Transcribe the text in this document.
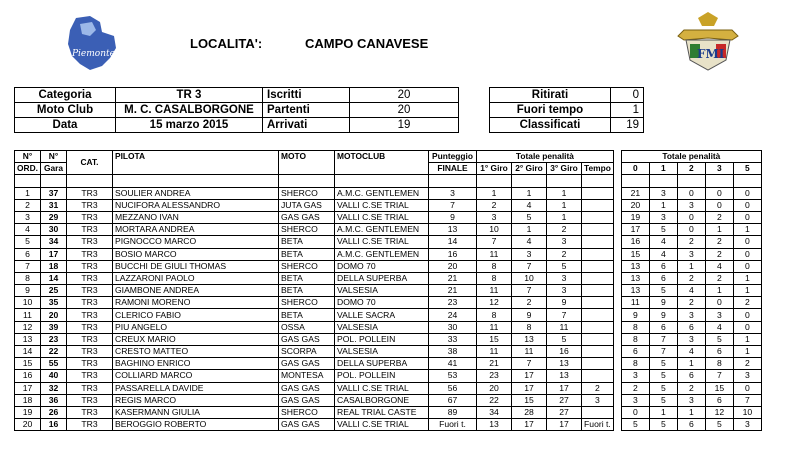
Piemonte	FMI
LOCALITA':	CAMPO CANAVESE
Categoria	TR 3	Iscritti	20
Moto Club	M. C. CASALBORGONE	Partenti	20
Data	15 marzo 2015	Arrivati	19
Ritirati	0
Fuori tempo	1
Classificati	19
N°	N°	CAT.	PILOTA	MOTO	MOTOCLUB	Punteggio	Totale penalità					Totale penalità				
ORD.	Gara					FINALE	1° Giro	2° Giro	3° Giro	Tempo		0	1	2	3	5

1	37	TR3	SOULIER ANDREA	SHERCO	A.M.C. GENTLEMEN	3	1	1	1			21	3	0	0	0
2	31	TR3	NUCIFORA ALESSANDRO	JUTA GAS	VALLI C.SE TRIAL	7	2	4	1			20	1	3	0	0
3	29	TR3	MEZZANO IVAN	GAS GAS	VALLI C.SE TRIAL	9	3	5	1			19	3	0	2	0
4	30	TR3	MORTARA ANDREA	SHERCO	A.M.C. GENTLEMEN	13	10	1	2			17	5	0	1	1
5	34	TR3	PIGNOCCO MARCO	BETA	VALLI C.SE TRIAL	14	7	4	3			16	4	2	2	0
6	17	TR3	BOSIO MARCO	BETA	A.M.C. GENTLEMEN	16	11	3	2			15	4	3	2	0
7	18	TR3	BUCCHI DE GIULI THOMAS	SHERCO	DOMO 70	20	8	7	5			13	6	1	4	0
8	14	TR3	LAZZARONI PAOLO	BETA	DELLA SUPERBA	21	8	10	3			13	6	2	2	1
9	25	TR3	GIAMBONE ANDREA	BETA	VALSESIA	21	11	7	3			13	5	4	1	1
10	35	TR3	RAMONI MORENO	SHERCO	DOMO 70	23	12	2	9			11	9	2	0	2
11	20	TR3	CLERICO FABIO	BETA	VALLE SACRA	24	8	9	7			9	9	3	3	0
12	39	TR3	PIU ANGELO	OSSA	VALSESIA	30	11	8	11			8	6	6	4	0
13	23	TR3	CREUX MARIO	GAS GAS	POL. POLLEIN	33	15	13	5			8	7	3	5	1
14	22	TR3	CRESTO MATTEO	SCORPA	VALSESIA	38	11	11	16			6	7	4	6	1
15	55	TR3	BAGHINO ENRICO	GAS GAS	DELLA SUPERBA	41	21	7	13			8	5	1	8	2
16	40	TR3	COLLIARD MARCO	MONTESA	POL. POLLEIN	53	23	17	13			3	5	6	7	3
17	32	TR3	PASSARELLA DAVIDE	GAS GAS	VALLI C.SE TRIAL	56	20	17	17	2		2	5	2	15	0
18	36	TR3	REGIS MARCO	GAS GAS	CASALBORGONE	67	22	15	27	3		3	5	3	6	7
19	26	TR3	KASERMANN GIULIA	SHERCO	REAL TRIAL CASTE	89	34	28	27			0	1	1	12	10
20	16	TR3	BEROGGIO ROBERTO	GAS GAS	VALLI C.SE TRIAL	Fuori t.	13	17	17	Fuori t.		5	5	6	5	3
